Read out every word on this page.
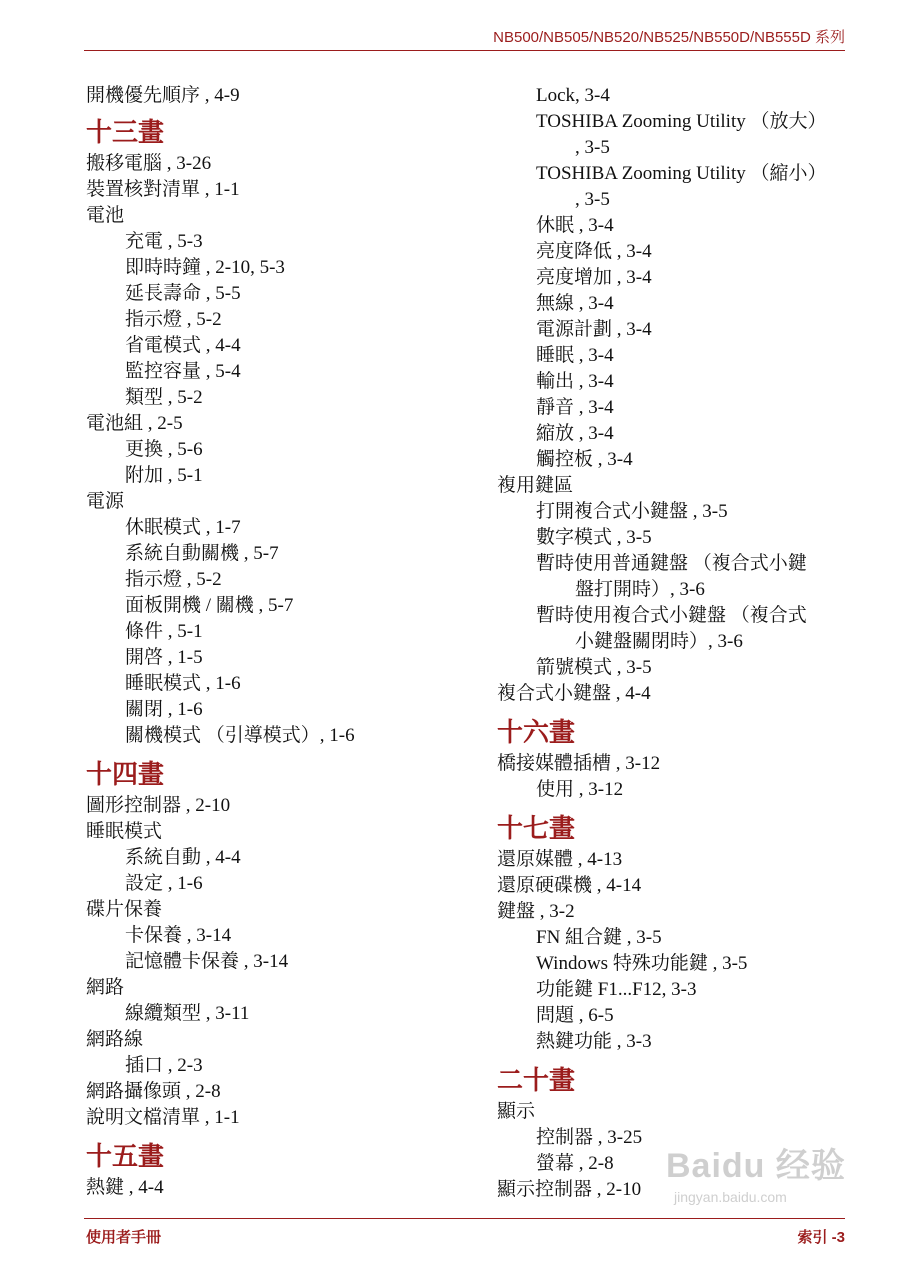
NB500/NB505/NB520/NB525/NB550D/NB555D 系列
開機優先順序 , 4-9
十三畫
搬移電腦 , 3-26
裝置核對清單 , 1-1
電池
充電 , 5-3
即時時鐘 , 2-10, 5-3
延長壽命 , 5-5
指示燈 , 5-2
省電模式 , 4-4
監控容量 , 5-4
類型 , 5-2
電池組 , 2-5
更換 , 5-6
附加 , 5-1
電源
休眠模式 , 1-7
系統自動關機 , 5-7
指示燈 , 5-2
面板開機 / 關機 , 5-7
條件 , 5-1
開啓 , 1-5
睡眠模式 , 1-6
關閉 , 1-6
關機模式 （引導模式）, 1-6
十四畫
圖形控制器 , 2-10
睡眠模式
系統自動 , 4-4
設定 , 1-6
碟片保養
卡保養 , 3-14
記憶體卡保養 , 3-14
網路
線纜類型 , 3-11
網路線
插口 , 2-3
網路攝像頭 , 2-8
說明文檔清單 , 1-1
十五畫
熱鍵 , 4-4
Lock, 3-4
TOSHIBA Zooming Utility （放大）
, 3-5
TOSHIBA Zooming Utility （縮小）
, 3-5
休眠 , 3-4
亮度降低 , 3-4
亮度增加 , 3-4
無線 , 3-4
電源計劃 , 3-4
睡眠 , 3-4
輸出 , 3-4
靜音 , 3-4
縮放 , 3-4
觸控板 , 3-4
複用鍵區
打開複合式小鍵盤 , 3-5
數字模式 , 3-5
暫時使用普通鍵盤 （複合式小鍵
盤打開時）, 3-6
暫時使用複合式小鍵盤 （複合式
小鍵盤關閉時）, 3-6
箭號模式 , 3-5
複合式小鍵盤 , 4-4
十六畫
橋接媒體插槽 , 3-12
使用 , 3-12
十七畫
還原媒體 , 4-13
還原硬碟機 , 4-14
鍵盤 , 3-2
FN 組合鍵 , 3-5
Windows 特殊功能鍵 , 3-5
功能鍵 F1...F12, 3-3
問題 , 6-5
熱鍵功能 , 3-3
二十畫
顯示
控制器 , 3-25
螢幕 , 2-8
顯示控制器 , 2-10
Baidu 经验
jingyan.baidu.com
使用者手冊	索引 -3
